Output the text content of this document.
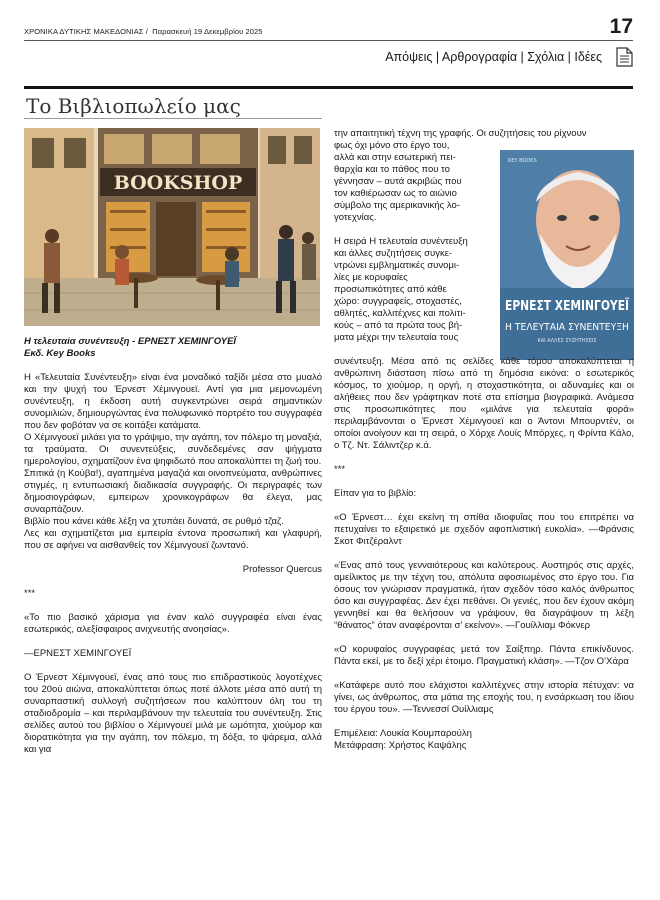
ΧΡΟΝΙΚΑ ΔΥΤΙΚΗΣ ΜΑΚΕΔΟΝΙΑΣ / Παρασκευή 19 Δεκεμβρίου 2025	17
Απόψεις | Αρθρογραφία | Σχόλια | Ιδέες
Το Βιβλιοπωλείο μας
BOOKSHOP
KEY BOOKS
ΕΡΝΕΣΤ ΧΕΜΙΝΓΟΥΕΪ
Η ΤΕΛΕΥΤΑΙΑ ΣΥΝΕΝΤΕΥΞΗ
ΚΑΙ ΑΛΛΕΣ ΣΥΖΗΤΗΣΕΙΣ

Η τελευταία συνέντευξη - ΕΡΝΕΣΤ ΧΕΜΙΝΓΟΥΕΪ

Εκδ. Key Books

Η «Τελευταία Συνέντευξη» είναι ένα μοναδικό ταξίδι μέσα στο μυαλό και την ψυχή του Έρνεστ Χέμινγουεϊ. Αντί για μια μεμονωμένη συνέντευξη, η έκδοση αυτή συγκεντρώνει σειρά σημαντικών συνομιλιών, δημιουργώντας ένα πολυφωνικό πορτρέτο του συγγραφέα που δεν φοβόταν να σε κοιτάξει κατάματα.

Ο Χέμινγουεϊ μιλάει για το γράψιμο, την αγάπη, τον πόλεμο τη μοναξιά, τα τραύματα. Οι συνεντεύξεις, συνδεδεμένες σαν ψήγματα ημερολογίου, σχηματίζουν ένα ψηφιδωτό που αποκαλύπτει τη ζωή του.

Σπιτικά (η Κούβα!), αγαπημένα μαγαζιά και οινοπνεύματα, ανθρώπινες στιγμές, η εντυπωσιακή διαδικασία συγγραφής. Οι περιγραφές των δημοσιογράφων, εμπειρων χρονικογράφων θα έλεγα, μας συναρπάζουν.

Βιβλίο που κάνει κάθε λέξη να χτυπάει δυνατά, σε ρυθμό τζαζ.

Λες και σχηματίζεται μια εμπειρία έντονα προσωπική και γλαφυρή, που σε αφήνει να αισθανθείς τον Χέμινγουεϊ ζωντανό.

Professor Quercus

***

«Το πιο βασικό χάρισμα για έναν καλό συγγραφέα είναι ένας εσωτερικός, αλεξίσφαιρος ανιχνευτής ανοησίας».

—ΕΡΝΕΣΤ ΧΕΜΙΝΓΟΥΕΪ

Ο Έρνεστ Χέμινγουεϊ, ένας από τους πιο επιδραστικούς λογοτέχνες του 20ού αιώνα, αποκαλύπτεται όπως ποτέ άλλοτε μέσα από αυτή τη συναρπαστική συλλογή συζητήσεων που καλύπτουν όλη του τη σταδιοδρομία – και περιλαμβάνουν την τελευταία του συνέντευξη. Στις σελίδες αυτού του βιβλίου ο Χέμινγουεϊ μιλά με ωμότητα, χιούμορ και διορατικότητα για την αγάπη, τον πόλεμο, τη δόξα, το ψάρεμα, αλλά και για

την απαιτητική τέχνη της γραφής. Οι συζητήσεις του ρίχνουν

φως όχι μόνο στο έργο του,

αλλά και στην εσωτερική πει-

θαρχία και το πάθος που το

γέννησαν – αυτά ακριβώς που

τον καθιέρωσαν ως το αιώνιο

σύμβολο της αμερικανικής λο-

γοτεχνίας.

Η σειρά Η τελευταία συνέντευξη

και άλλες συζητήσεις συγκε-

ντρώνει εμβληματικές συνομι-

λίες με κορυφαίες

προσωπικότητες από κάθε

χώρο: συγγραφείς, στοχαστές,

αθλητές, καλλιτέχνες και πολιτι-

κούς – από τα πρώτα τους βή-

ματα μέχρι την τελευταία τους

συνέντευξη. Μέσα από τις σελίδες κάθε τόμου αποκαλύπτεται η ανθρώπινη διάσταση πίσω από τη δημόσια εικόνα: ο εσωτερικός κόσμος, το χιούμορ, η οργή, η στοχαστικότητα, οι αδυναμίες και οι αλήθειες που δεν γράφτηκαν ποτέ στα επίσημα βιογραφικά. Ανάμεσα στις προσωπικότητες που «μιλάνε για τελευταία φορά» περιλαμβάνονται ο Έρνεστ Χέμινγουεϊ και ο Άντονι Μπουρντέν, οι οποίοι ανοίγουν και τη σειρά, ο Χόρχε Λουίς Μπόρχες, η Φρίντα Κάλο, ο Τζ. Ντ. Σάλιντζερ κ.ά.

***

Είπαν για το βιβλίο:

«Ο Έρνεστ… έχει εκείνη τη σπίθα ιδιοφυΐας που του επιτρέπει να πετυχαίνει το εξαιρετικό με σχεδόν αφοπλιστική ευκολία». —Φράνσις Σκοτ Φιτζέραλντ

«Ένας από τους γενναιότερους και καλύτερους. Αυστηρός στις αρχές, αμείλικτος με την τέχνη του, απόλυτα αφοσιωμένος στο έργο του. Για όσους τον γνώρισαν πραγματικά, ήταν σχεδόν τόσο καλός άνθρωπος όσο και συγγραφέας. Δεν έχει πεθάνει. Οι γενιές, που δεν έχουν ακόμη γεννηθεί και θα θελήσουν να γράψουν, θα διαγράψουν τη λέξη “θάνατος” όταν αναφέρονται σ’ εκείνον». —Γουίλλιαμ Φόκνερ

«Ο κορυφαίος συγγραφέας μετά τον Σαίξπηρ. Πάντα επικίνδυνος. Πάντα εκεί, με το δεξί χέρι έτοιμο. Πραγματική κλάση». —Τζον Ο’Χάρα

«Κατάφερε αυτό που ελάχιστοι καλλιτέχνες στην ιστορία πέτυχαν: να γίνει, ως άνθρωπος, στα μάτια της εποχής του, η ενσάρκωση του ίδιου του έργου του». —Τεννεσσί Ουίλλιαμς

Επιμέλεια: Λουκία Κουμπαρούλη

Μετάφραση: Χρήστος Καψάλης
